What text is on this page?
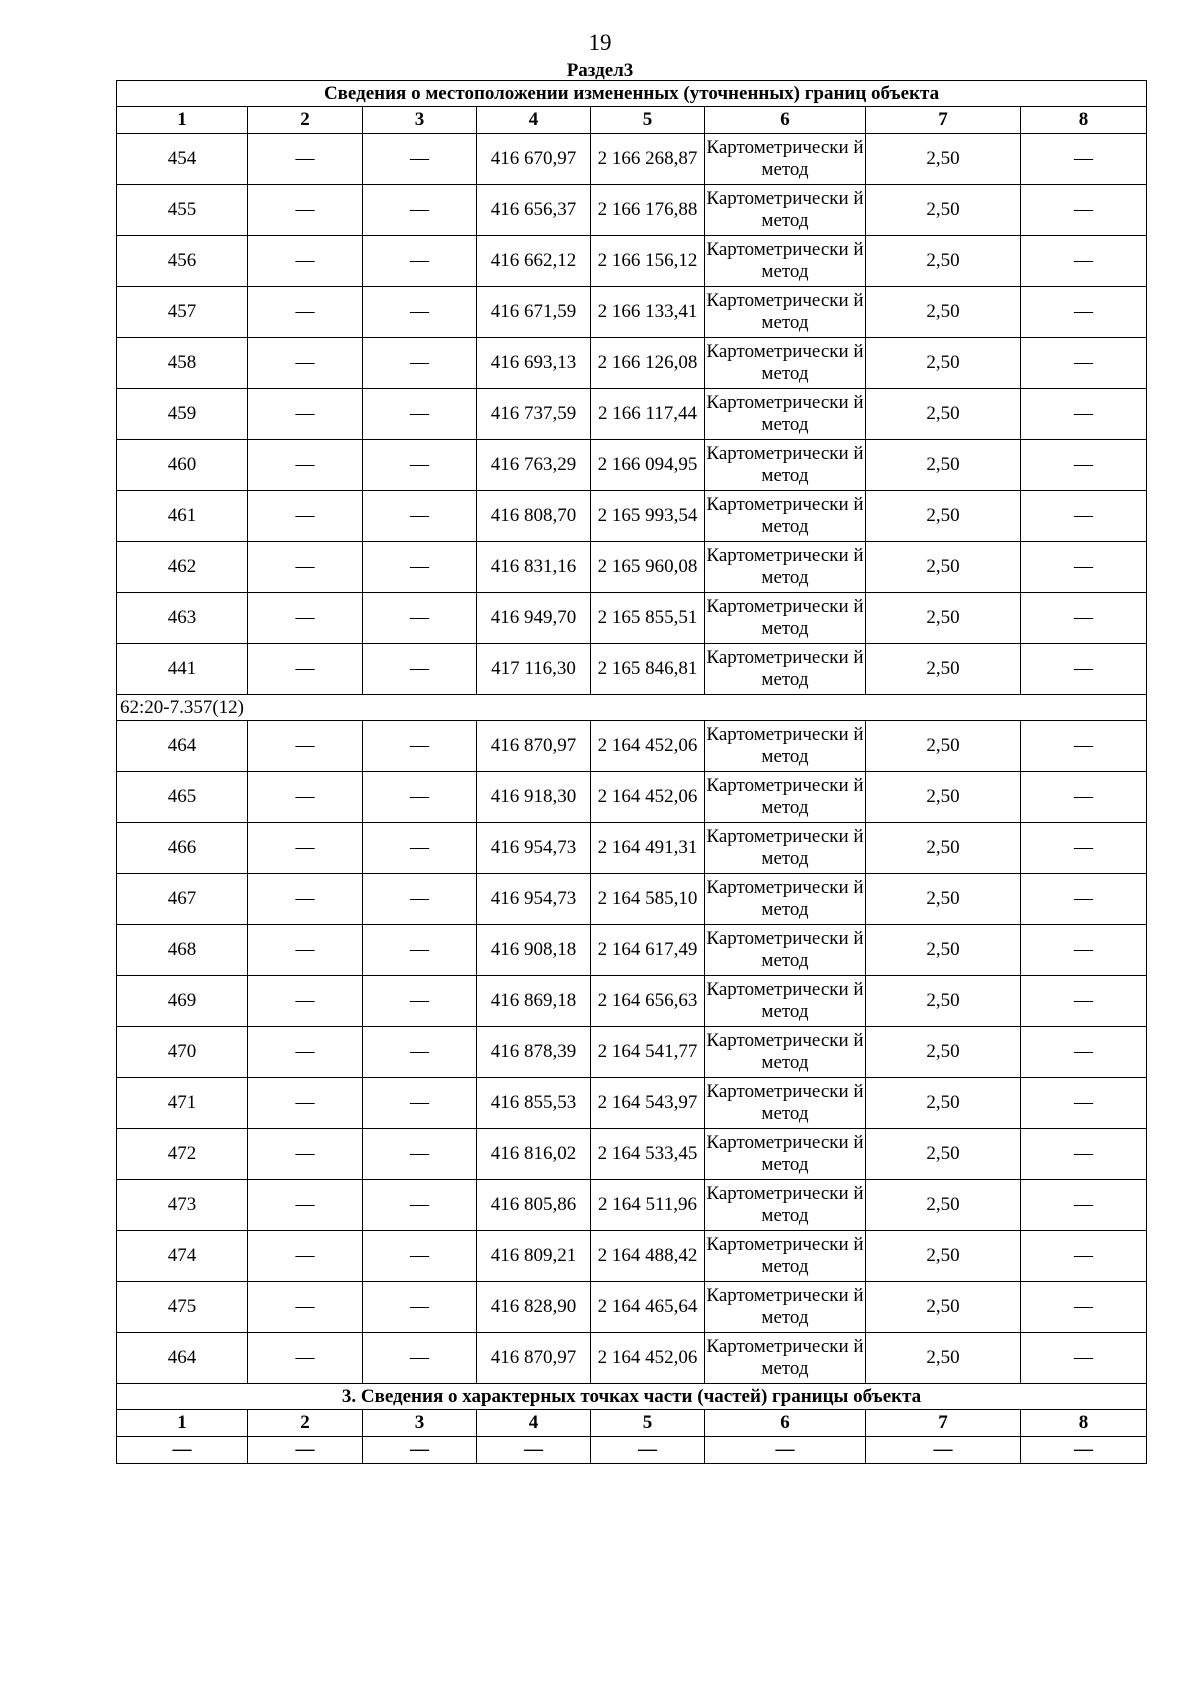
19
Раздел3
Сведения о местоположении измененных (уточненных) границ объекта							
1	2	3	4	5	6	7	8
454	—	—	416 670,97	2 166 268,87	Картометрически й метод	2,50	—
455	—	—	416 656,37	2 166 176,88	Картометрически й метод	2,50	—
456	—	—	416 662,12	2 166 156,12	Картометрически й метод	2,50	—
457	—	—	416 671,59	2 166 133,41	Картометрически й метод	2,50	—
458	—	—	416 693,13	2 166 126,08	Картометрически й метод	2,50	—
459	—	—	416 737,59	2 166 117,44	Картометрически й метод	2,50	—
460	—	—	416 763,29	2 166 094,95	Картометрически й метод	2,50	—
461	—	—	416 808,70	2 165 993,54	Картометрически й метод	2,50	—
462	—	—	416 831,16	2 165 960,08	Картометрически й метод	2,50	—
463	—	—	416 949,70	2 165 855,51	Картометрически й метод	2,50	—
441	—	—	417 116,30	2 165 846,81	Картометрически й метод	2,50	—
62:20-7.357(12)							
464	—	—	416 870,97	2 164 452,06	Картометрически й метод	2,50	—
465	—	—	416 918,30	2 164 452,06	Картометрически й метод	2,50	—
466	—	—	416 954,73	2 164 491,31	Картометрически й метод	2,50	—
467	—	—	416 954,73	2 164 585,10	Картометрически й метод	2,50	—
468	—	—	416 908,18	2 164 617,49	Картометрически й метод	2,50	—
469	—	—	416 869,18	2 164 656,63	Картометрически й метод	2,50	—
470	—	—	416 878,39	2 164 541,77	Картометрически й метод	2,50	—
471	—	—	416 855,53	2 164 543,97	Картометрически й метод	2,50	—
472	—	—	416 816,02	2 164 533,45	Картометрически й метод	2,50	—
473	—	—	416 805,86	2 164 511,96	Картометрически й метод	2,50	—
474	—	—	416 809,21	2 164 488,42	Картометрически й метод	2,50	—
475	—	—	416 828,90	2 164 465,64	Картометрически й метод	2,50	—
464	—	—	416 870,97	2 164 452,06	Картометрически й метод	2,50	—
3. Сведения о характерных точках части (частей) границы объекта							
1	2	3	4	5	6	7	8
—	—	—	—	—	—	—	—
